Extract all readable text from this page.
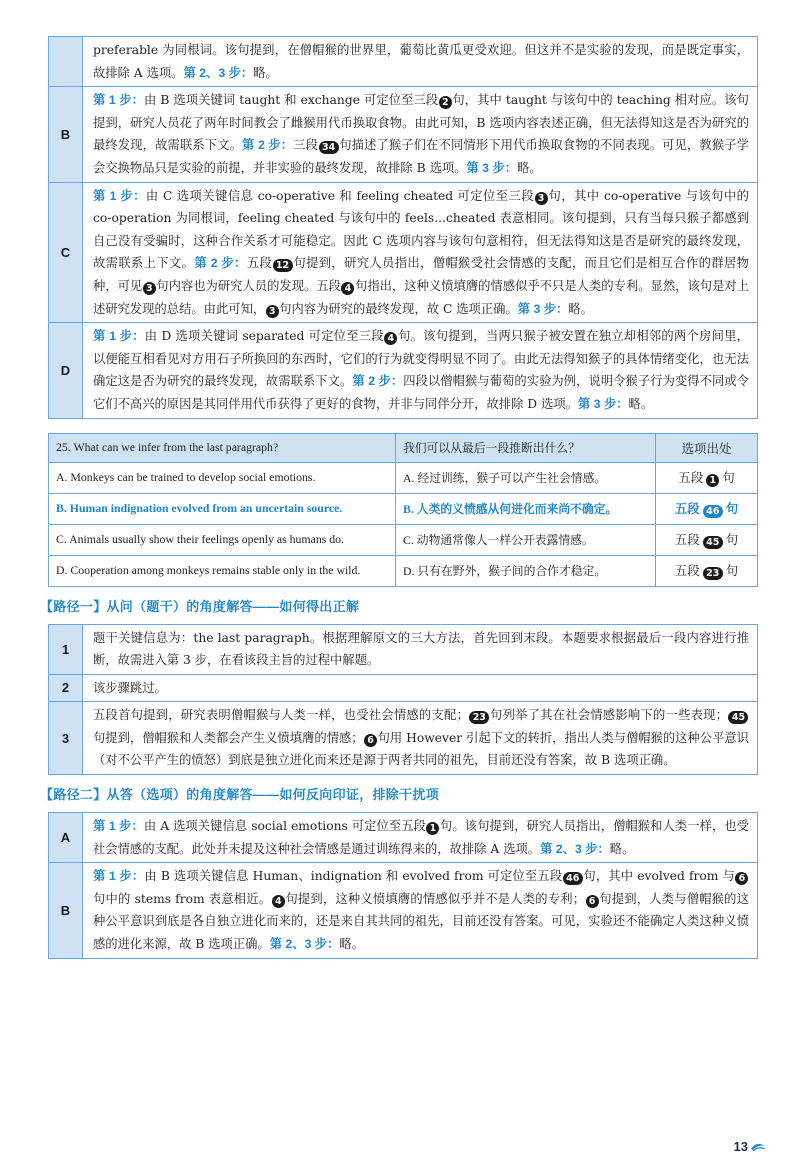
	preferable 为同根词。该句提到，在僧帽猴的世界里，葡萄比黄瓜更受欢迎。但这并不是实验的发现，而是既定事实，故排除 A 选项。第 2、3 步：略。
B	第 1 步：由 B 选项关键词 taught 和 exchange 可定位至三段 2 句，其中 taught 与该句中的 teaching 相对应。该句提到，研究人员花了两年时间教会了雌猴用代币换取食物。由此可知，B 选项内容表述正确，但无法得知这是否为研究的最终发现，故需联系下文。第 2 步：三段 34 句描述了猴子们在不同情形下用代币换取食物的不同表现。可见，教猴子学会交换物品只是实验的前提，并非实验的最终发现，故排除 B 选项。第 3 步：略。
C	第 1 步：由 C 选项关键信息 co-operative 和 feeling cheated 可定位至三段 3 句，其中 co-operative 与该句中的 co-operation 为同根词，feeling cheated 与该句中的 feels...cheated 表意相同。该句提到，只有当每只猴子都感到自己没有受骗时，这种合作关系才可能稳定。因此 C 选项内容与该句句意相符，但无法得知这是否是研究的最终发现，故需联系上下文。第 2 步：五段 12 句提到，研究人员指出，僧帽猴受社会情感的支配，而且它们是相互合作的群居物种，可见 3 句内容也为研究人员的发现。五段 4 句指出，这种义愤填膺的情感似乎不只是人类的专利。显然，该句是对上述研究发现的总结。由此可知， 3 句内容为研究的最终发现，故 C 选项正确。第 3 步：略。
D	第 1 步：由 D 选项关键词 separated 可定位至三段 4 句。该句提到，当两只猴子被安置在独立却相邻的两个房间里，以便能互相看见对方用石子所换回的东西时，它们的行为就变得明显不同了。由此无法得知猴子的具体情绪变化，也无法确定这是否为研究的最终发现，故需联系下文。第 2 步：四段以僧帽猴与葡萄的实验为例，说明令猴子行为变得不同或令它们不高兴的原因是其同伴用代币获得了更好的食物，并非与同伴分开，故排除 D 选项。第 3 步：略。
25. What can we infer from the last paragraph?	我们可以从最后一段推断出什么？	选项出处
A. Monkeys can be trained to develop social emotions.	A. 经过训练，猴子可以产生社会情感。	五段 1 句
B. Human indignation evolved from an uncertain source.	B. 人类的义愤感从何进化而来尚不确定。	五段 46 句
C. Animals usually show their feelings openly as humans do.	C. 动物通常像人一样公开表露情感。	五段 45 句
D. Cooperation among monkeys remains stable only in the wild.	D. 只有在野外，猴子间的合作才稳定。	五段 23 句
【路径一】从问（题干）的角度解答——如何得出正解
1	题干关键信息为：the last paragraph。根据理解原文的三大方法，首先回到末段。本题要求根据最后一段内容进行推断，故需进入第 3 步，在看该段主旨的过程中解题。
2	该步骤跳过。
3	五段首句提到，研究表明僧帽猴与人类一样，也受社会情感的支配； 23 句列举了其在社会情感影响下的一些表现； 45句提到，僧帽猴和人类都会产生义愤填膺的情感； 6 句用 However 引起下文的转折，指出人类与僧帽猴的这种公平意识（对不公平产生的愤怒）到底是独立进化而来还是源于两者共同的祖先，目前还没有答案，故 B 选项正确。
【路径二】从答（选项）的角度解答——如何反向印证，排除干扰项
A	第 1 步：由 A 选项关键信息 social emotions 可定位至五段 1 句。该句提到，研究人员指出，僧帽猴和人类一样，也受社会情感的支配。此处并未提及这种社会情感是通过训练得来的，故排除 A 选项。第 2、3 步：略。
B	第 1 步：由 B 选项关键信息 Human、indignation 和 evolved from 可定位至五段 46 句，其中 evolved from 与 6句中的 stems from 表意相近。 4 句提到，这种义愤填膺的情感似乎并不是人类的专利； 6 句提到，人类与僧帽猴的这种公平意识到底是各自独立进化而来的，还是来自其共同的祖先，目前还没有答案。可见，实验还不能确定人类这种义愤感的进化来源，故 B 选项正确。第 2、3 步：略。
13
